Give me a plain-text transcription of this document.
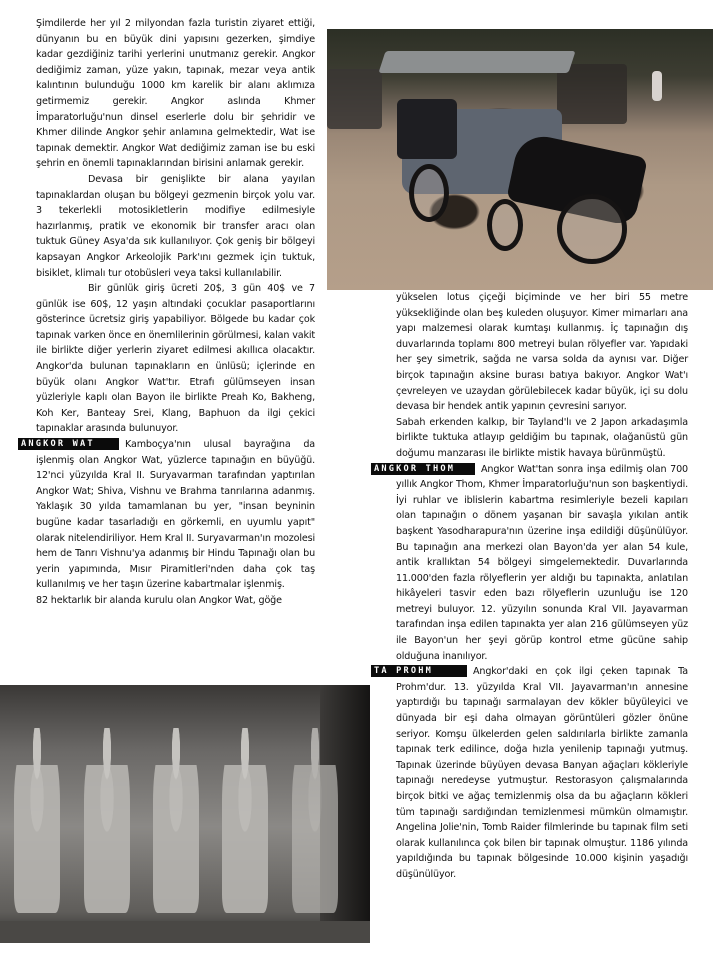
Şimdilerde her yıl 2 milyondan fazla turistin ziyaret ettiği, dünyanın bu en büyük dini yapısını gezerken, şimdiye kadar gezdiğiniz tarihi yerlerini unutmanız gerekir. Angkor dediğimiz zaman, yüze yakın, tapınak, mezar veya antik kalıntının bulunduğu 1000 km karelik bir alanı aklımıza getirmemiz gerekir. Angkor aslında Khmer İmparatorluğu'nun dinsel eserlerle dolu bir şehridir ve Khmer dilinde Angkor şehir anlamına gelmektedir, Wat ise tapınak demektir. Angkor Wat dediğimiz zaman ise bu eski şehrin en önemli tapınaklarından birisini anlamak gerekir.

Devasa bir genişlikte bir alana yayılan tapınaklardan oluşan bu bölgeyi gezmenin birçok yolu var. 3 tekerlekli motosikletlerin modifiye edilmesiyle hazırlanmış, pratik ve ekonomik bir transfer aracı olan tuktuk Güney Asya'da sık kullanılıyor. Çok geniş bir bölgeyi kapsayan Angkor Arkeolojik Park'ını gezmek için tuktuk, bisiklet, klimalı tur otobüsleri veya taksi kullanılabilir.

Bir günlük giriş ücreti 20$, 3 gün 40$ ve 7 günlük ise 60$, 12 yaşın altındaki çocuklar pasaportlarını gösterince ücretsiz giriş yapabiliyor. Bölgede bu kadar çok tapınak varken önce en önemlilerinin görülmesi, kalan vakit ile birlikte diğer yerlerin ziyaret edilmesi akıllıca olacaktır. Angkor'da bulunan tapınakların en ünlüsü; içlerinde en büyük olanı Angkor Wat'tır. Etrafı gülümseyen insan yüzleriyle kaplı olan Bayon ile birlikte Preah Ko, Bakheng, Koh Ker, Banteay Srei, Klang, Baphuon da ilgi çekici tapınaklar arasında bulunuyor.

ANGKOR WAT	Kamboçya'nın ulusal bayrağına da işlenmiş olan Angkor Wat, yüzlerce tapınağın en büyüğü. 12'nci yüzyılda Kral II. Suryavarman tarafından yaptırılan Angkor Wat; Shiva, Vishnu ve Brahma tanrılarına adanmış. Yaklaşık 30 yılda tamamlanan bu yer, "insan beyninin bugüne kadar tasarladığı en görkemli, en uyumlu yapıt" olarak nitelendiriliyor. Hem Kral II. Suryavarman'ın mozolesi hem de Tanrı Vishnu'ya adanmış bir Hindu Tapınağı olan bu yerin yapımında, Mısır Piramitleri'nden daha çok taş kullanılmış ve her taşın üzerine kabartmalar işlenmiş.

82 hektarlık bir alanda kurulu olan Angkor Wat, göğe

yükselen lotus çiçeği biçiminde ve her biri 55 metre yüksekliğinde olan beş kuleden oluşuyor. Kimer mimarları ana yapı malzemesi olarak kumtaşı kullanmış. İç tapınağın dış duvarlarında toplamı 800 metreyi bulan rölyefler var. Yapıdaki her şey simetrik, sağda ne varsa solda da aynısı var. Diğer birçok tapınağın aksine burası batıya bakıyor. Angkor Wat'ı çevreleyen ve uzaydan görülebilecek kadar büyük, içi su dolu devasa bir hendek antik yapının çevresini sarıyor.

Sabah erkenden kalkıp, bir Tayland'lı ve 2 Japon arkadaşımla birlikte tuktuka atlayıp geldiğim bu tapınak, olağanüstü gün doğumu manzarası ile birlikte mistik havaya bürünmüştü.

ANGKOR THOM	Angkor Wat'tan sonra inşa edilmiş olan 700 yıllık Angkor Thom, Khmer İmparatorluğu'nun son başkentiydi. İyi ruhlar ve iblislerin kabartma resimleriyle bezeli kapıları olan tapınağın o dönem yaşanan bir savaşla yıkılan antik başkent Yasodharapura'nın üzerine inşa edildiği düşünülüyor. Bu tapınağın ana merkezi olan Bayon'da yer alan 54 kule, antik krallıktan 54 bölgeyi simgelemektedir. Duvarlarında 11.000'den fazla rölyeflerin yer aldığı bu tapınakta, anlatılan hikâyeleri tasvir eden bazı rölyeflerin uzunluğu ise 120 metreyi buluyor. 12. yüzyılın sonunda Kral VII. Jayavarman tarafından inşa edilen tapınakta yer alan 216 gülümseyen yüz ile Bayon'un her şeyi görüp kontrol etme gücüne sahip olduğuna inanılıyor.

TA PROHM	Angkor'daki en çok ilgi çeken tapınak Ta Prohm'dur. 13. yüzyılda Kral VII. Jayavarman'ın annesine yaptırdığı bu tapınağı sarmalayan dev kökler büyüleyici ve dünyada bir eşi daha olmayan görüntüleri gözler önüne seriyor. Komşu ülkelerden gelen saldırılarla birlikte zamanla tapınak terk edilince, doğa hızla yenilenip tapınağı yutmuş. Tapınak üzerinde büyüyen devasa Banyan ağaçları kökleriyle tapınağı neredeyse yutmuştur. Restorasyon çalışmalarında birçok bitki ve ağaç temizlenmiş olsa da bu ağaçların kökleri tüm tapınağı sardığından temizlenmesi mümkün olmamıştır. Angelina Jolie'nin, Tomb Raider filmlerinde bu tapınak film seti olarak kullanılınca çok bilen bir tapınak olmuştur. 1186 yılında yapıldığında bu tapınak bölgesinde 10.000 kişinin yaşadığı düşünülüyor.
